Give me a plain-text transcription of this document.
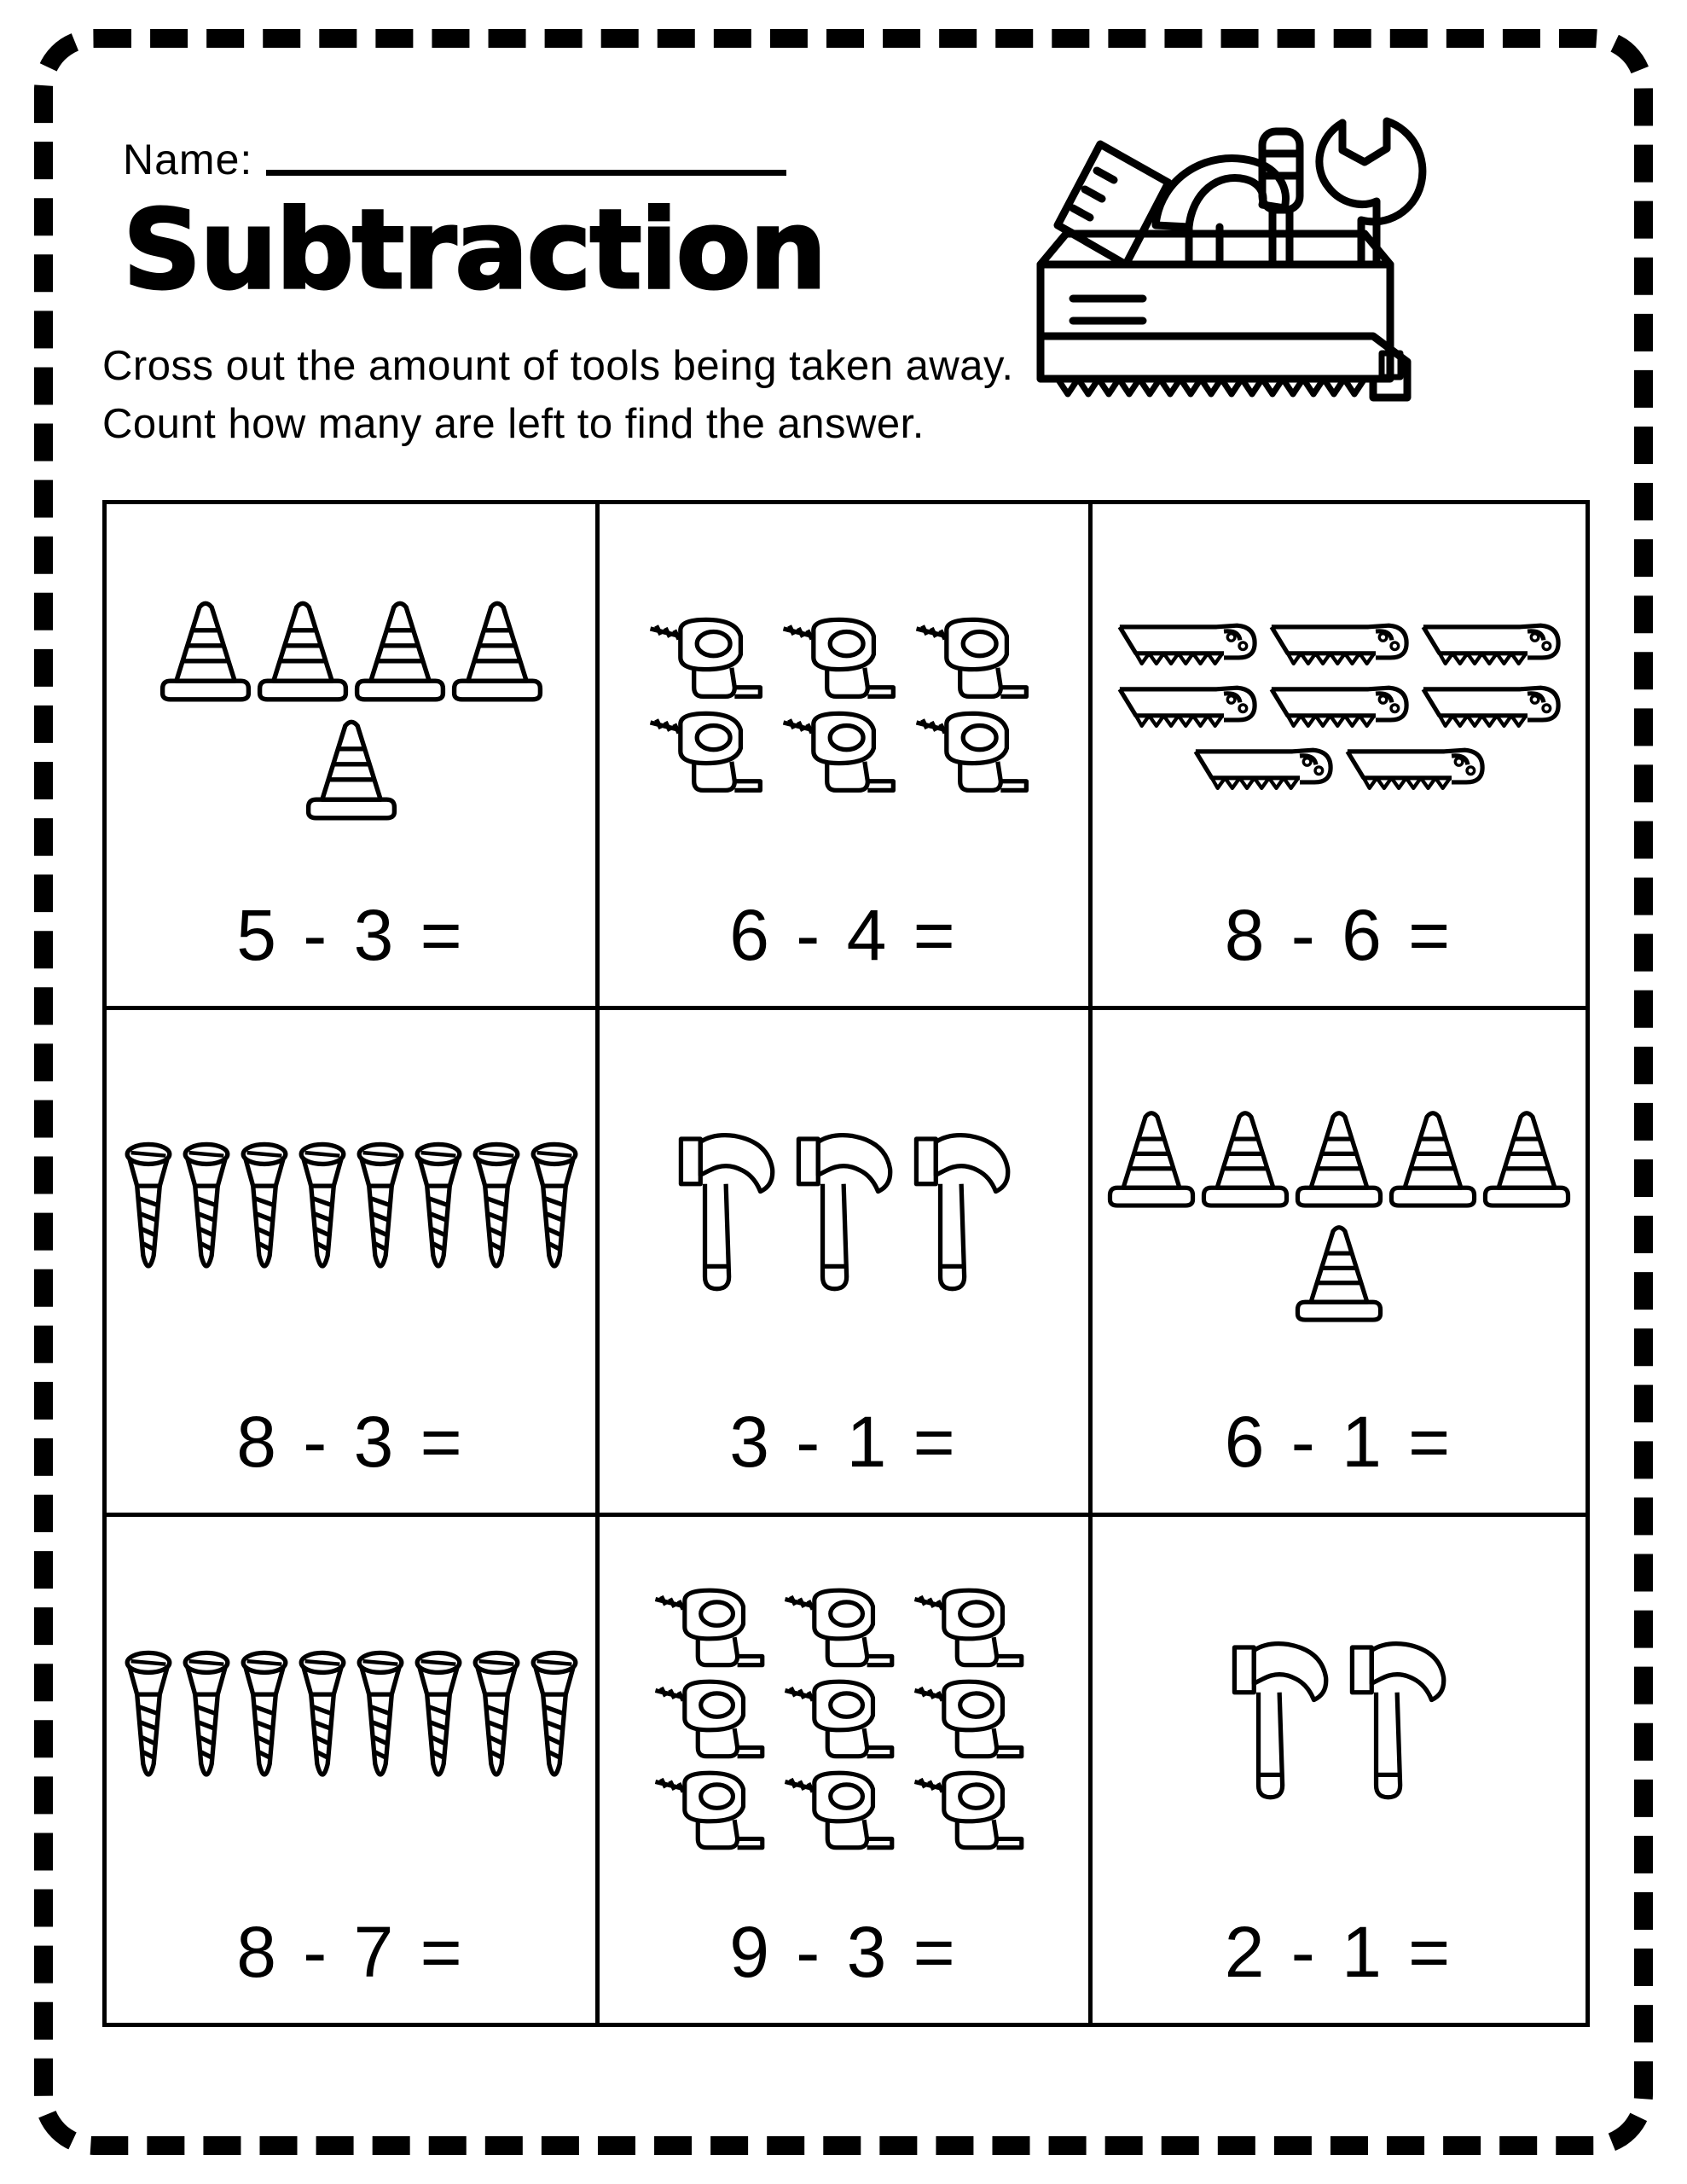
Name:
Subtraction
Cross out the amount of tools being taken away.
Count how many are left to find the answer.
5 - 3 =	6 - 4 =	8 - 6 =
8 - 3 =	3 - 1 =	6 - 1 =
8 - 7 =	9 - 3 =	2 - 1 =
